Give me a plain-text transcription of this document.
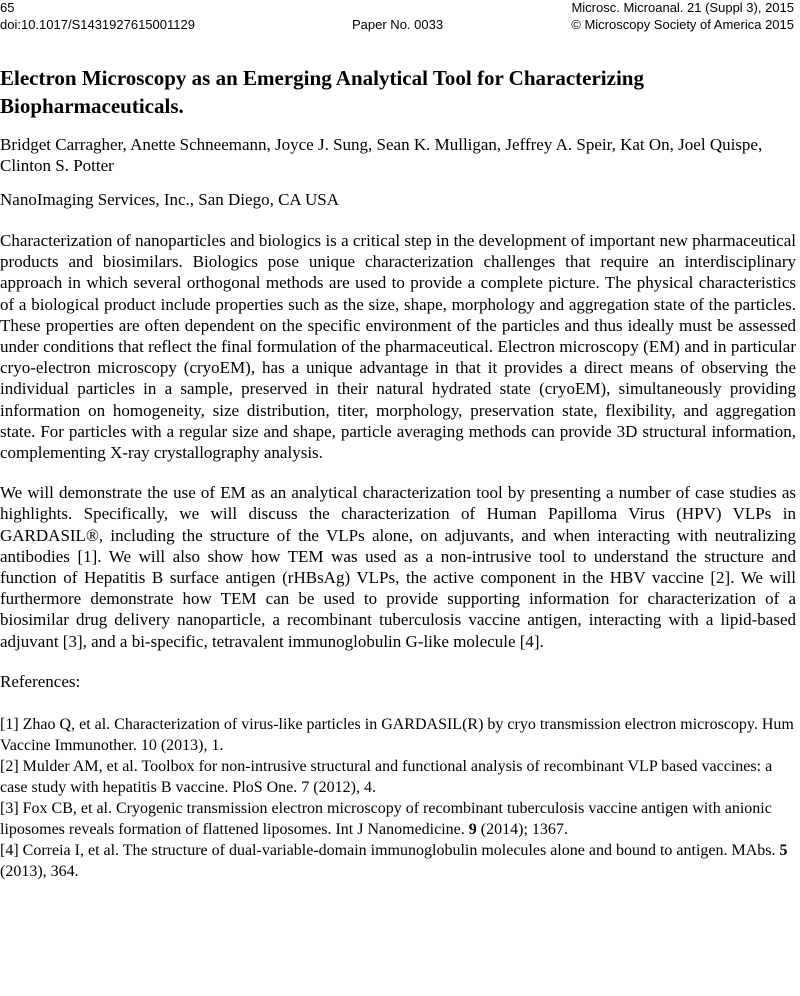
65	Microsc. Microanal. 21 (Suppl 3), 2015
doi:10.1017/S1431927615001129	Paper No. 0033	© Microscopy Society of America 2015
Electron Microscopy as an Emerging Analytical Tool for Characterizing Biopharmaceuticals.

Bridget Carragher, Anette Schneemann, Joyce J. Sung, Sean K. Mulligan, Jeffrey A. Speir, Kat On, Joel Quispe, Clinton S. Potter

NanoImaging Services, Inc., San Diego, CA USA

Characterization of nanoparticles and biologics is a critical step in the development of important new pharmaceutical products and biosimilars. Biologics pose unique characterization challenges that require an interdisciplinary approach in which several orthogonal methods are used to provide a complete picture. The physical characteristics of a biological product include properties such as the size, shape, morphology and aggregation state of the particles. These properties are often dependent on the specific environment of the particles and thus ideally must be assessed under conditions that reflect the final formulation of the pharmaceutical. Electron microscopy (EM) and in particular cryo-electron microscopy (cryoEM), has a unique advantage in that it provides a direct means of observing the individual particles in a sample, preserved in their natural hydrated state (cryoEM), simultaneously providing information on homogeneity, size distribution, titer, morphology, preservation state, flexibility, and aggregation state. For particles with a regular size and shape, particle averaging methods can provide 3D structural information, complementing X-ray crystallography analysis.

We will demonstrate the use of EM as an analytical characterization tool by presenting a number of case studies as highlights. Specifically, we will discuss the characterization of Human Papilloma Virus (HPV) VLPs in GARDASIL®, including the structure of the VLPs alone, on adjuvants, and when interacting with neutralizing antibodies [1]. We will also show how TEM was used as a non-intrusive tool to understand the structure and function of Hepatitis B surface antigen (rHBsAg) VLPs, the active component in the HBV vaccine [2]. We will furthermore demonstrate how TEM can be used to provide supporting information for characterization of a biosimilar drug delivery nanoparticle, a recombinant tuberculosis vaccine antigen, interacting with a lipid-based adjuvant [3], and a bi-specific, tetravalent immunoglobulin G-like molecule [4].

References:

[1] Zhao Q, et al. Characterization of virus-like particles in GARDASIL(R) by cryo transmission electron microscopy. Hum Vaccine Immunother. 10 (2013), 1.

[2] Mulder AM, et al. Toolbox for non-intrusive structural and functional analysis of recombinant VLP based vaccines: a case study with hepatitis B vaccine. PloS One. 7 (2012), 4.

[3] Fox CB, et al. Cryogenic transmission electron microscopy of recombinant tuberculosis vaccine antigen with anionic liposomes reveals formation of flattened liposomes. Int J Nanomedicine. 9 (2014); 1367.

[4] Correia I, et al. The structure of dual-variable-domain immunoglobulin molecules alone and bound to antigen. MAbs. 5 (2013), 364.
